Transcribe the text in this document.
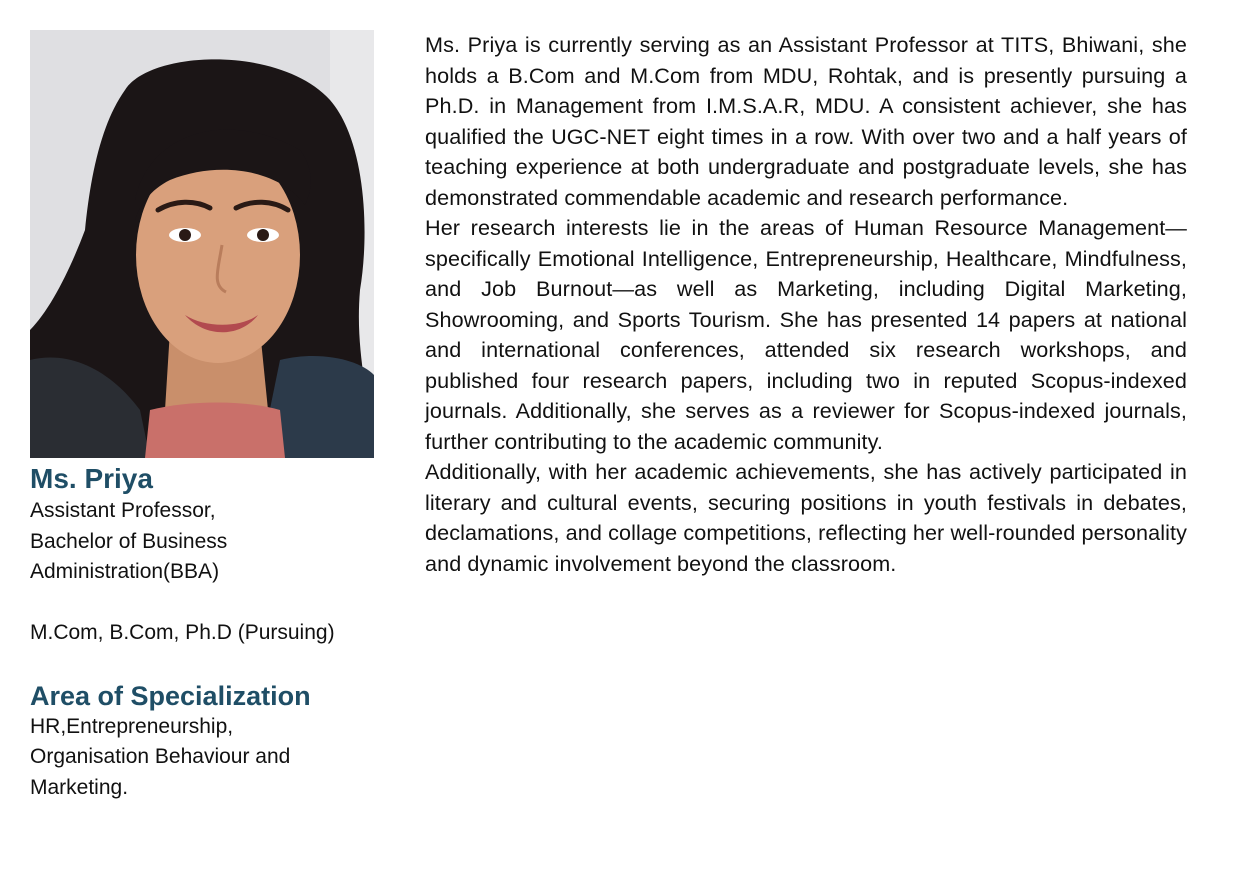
Ms. Priya
Assistant Professor,
Bachelor of Business
Administration(BBA)
M.Com, B.Com, Ph.D (Pursuing)
Area of Specialization
HR,Entrepreneurship,
Organisation Behaviour and
Marketing.

Ms. Priya is currently serving as an Assistant Professor at TITS, Bhiwani, she holds a B.Com and M.Com from MDU, Rohtak, and is presently pursuing a Ph.D. in Management from I.M.S.A.R, MDU. A consistent achiever, she has qualified the UGC-NET eight times in a row. With over two and a half years of teaching experience at both undergraduate and postgraduate levels, she has demonstrated commendable academic and research performance.

Her research interests lie in the areas of Human Resource Management—specifically Emotional Intelligence, Entrepreneurship, Healthcare, Mindfulness, and Job Burnout—as well as Marketing, including Digital Marketing, Showrooming, and Sports Tourism. She has presented 14 papers at national and international conferences, attended six research workshops, and published four research papers, including two in reputed Scopus-indexed journals. Additionally, she serves as a reviewer for Scopus-indexed journals, further contributing to the academic community.

Additionally, with her academic achievements, she has actively participated in literary and cultural events, securing positions in youth festivals in debates, declamations, and collage competitions, reflecting her well-rounded personality and dynamic involvement beyond the classroom.
